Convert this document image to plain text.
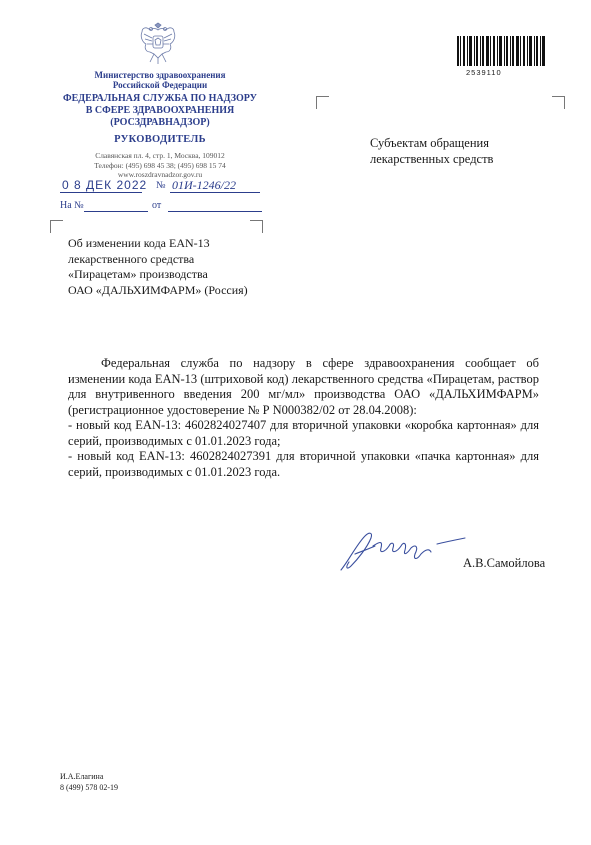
Министерство здравоохранения
Российской Федерации
ФЕДЕРАЛЬНАЯ СЛУЖБА ПО НАДЗОРУ
В СФЕРЕ ЗДРАВООХРАНЕНИЯ
(РОСЗДРАВНАДЗОР)
РУКОВОДИТЕЛЬ
Славянская пл. 4, стр. 1, Москва, 109012
Телефон: (495) 698 45 38; (495) 698 15 74
www.roszdravnadzor.gov.ru
0 8 ДЕК 2022 № 01И-1246/22
На №	от
Об изменении кода EAN-13
лекарственного средства
«Пирацетам» производства
ОАО «ДАЛЬХИМФАРМ» (Россия)
2539110
Субъектам обращения
лекарственных средств

Федеральная служба по надзору в сфере здравоохранения сообщает об изменении кода EAN-13 (штриховой код) лекарственного средства «Пирацетам, раствор для внутривенного введения 200 мг/мл» производства ОАО «ДАЛЬХИМФАРМ» (регистрационное удостоверение № Р N000382/02 от 28.04.2008):

- новый код EAN-13: 4602824027407 для вторичной упаковки «коробка картонная» для серий, производимых с 01.01.2023 года;

- новый код EAN-13: 4602824027391 для вторичной упаковки «пачка картонная» для серий, производимых с 01.01.2023 года.

А.В.Самойлова
И.А.Елагина
8 (499) 578 02-19
